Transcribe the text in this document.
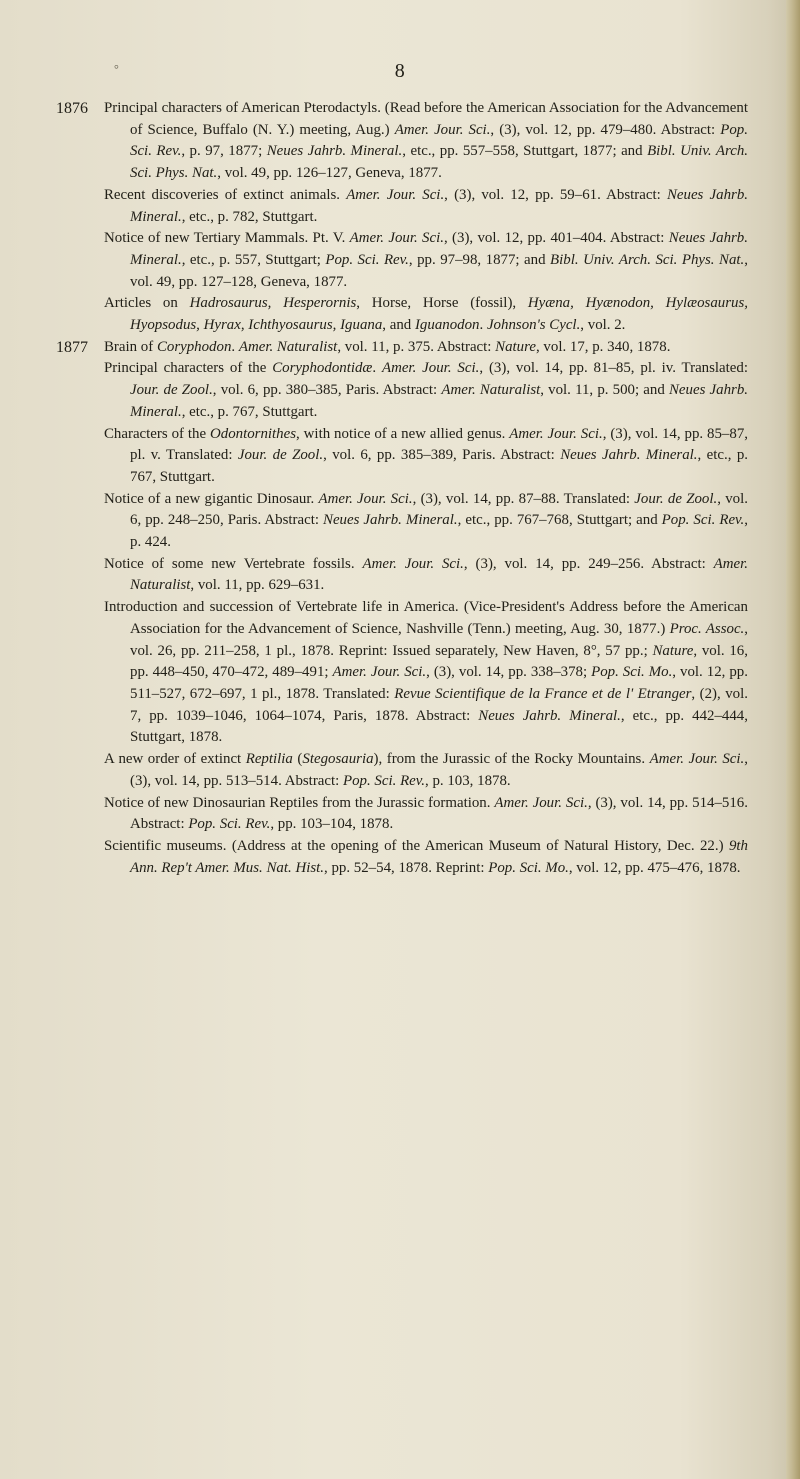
°	8
1876 Principal characters of American Pterodactyls. (Read before the American Association for the Advancement of Science, Buffalo (N. Y.) meeting, Aug.) Amer. Jour. Sci., (3), vol. 12, pp. 479–480. Abstract: Pop. Sci. Rev., p. 97, 1877; Neues Jahrb. Mineral., etc., pp. 557–558, Stuttgart, 1877; and Bibl. Univ. Arch. Sci. Phys. Nat., vol. 49, pp. 126–127, Geneva, 1877.

Recent discoveries of extinct animals. Amer. Jour. Sci., (3), vol. 12, pp. 59–61. Abstract: Neues Jahrb. Mineral., etc., p. 782, Stuttgart.

Notice of new Tertiary Mammals. Pt. V. Amer. Jour. Sci., (3), vol. 12, pp. 401–404. Abstract: Neues Jahrb. Mineral., etc., p. 557, Stuttgart; Pop. Sci. Rev., pp. 97–98, 1877; and Bibl. Univ. Arch. Sci. Phys. Nat., vol. 49, pp. 127–128, Geneva, 1877.

Articles on Hadrosaurus, Hesperornis, Horse, Horse (fossil), Hyæna, Hyænodon, Hylæosaurus, Hyopsodus, Hyrax, Ichthyosaurus, Iguana, and Iguanodon. Johnson's Cycl., vol. 2.

1877 Brain of Coryphodon. Amer. Naturalist, vol. 11, p. 375. Abstract: Nature, vol. 17, p. 340, 1878.

Principal characters of the Coryphodontidæ. Amer. Jour. Sci., (3), vol. 14, pp. 81–85, pl. iv. Translated: Jour. de Zool., vol. 6, pp. 380–385, Paris. Abstract: Amer. Naturalist, vol. 11, p. 500; and Neues Jahrb. Mineral., etc., p. 767, Stuttgart.

Characters of the Odontornithes, with notice of a new allied genus. Amer. Jour. Sci., (3), vol. 14, pp. 85–87, pl. v. Translated: Jour. de Zool., vol. 6, pp. 385–389, Paris. Abstract: Neues Jahrb. Mineral., etc., p. 767, Stuttgart.

Notice of a new gigantic Dinosaur. Amer. Jour. Sci., (3), vol. 14, pp. 87–88. Translated: Jour. de Zool., vol. 6, pp. 248–250, Paris. Abstract: Neues Jahrb. Mineral., etc., pp. 767–768, Stuttgart; and Pop. Sci. Rev., p. 424.

Notice of some new Vertebrate fossils. Amer. Jour. Sci., (3), vol. 14, pp. 249–256. Abstract: Amer. Naturalist, vol. 11, pp. 629–631.

Introduction and succession of Vertebrate life in America. (Vice-President's Address before the American Association for the Advancement of Science, Nashville (Tenn.) meeting, Aug. 30, 1877.) Proc. Assoc., vol. 26, pp. 211–258, 1 pl., 1878. Reprint: Issued separately, New Haven, 8°, 57 pp.; Nature, vol. 16, pp. 448–450, 470–472, 489–491; Amer. Jour. Sci., (3), vol. 14, pp. 338–378; Pop. Sci. Mo., vol. 12, pp. 511–527, 672–697, 1 pl., 1878. Translated: Revue Scientifique de la France et de l' Etranger, (2), vol. 7, pp. 1039–1046, 1064–1074, Paris, 1878. Abstract: Neues Jahrb. Mineral., etc., pp. 442–444, Stuttgart, 1878.

A new order of extinct Reptilia (Stegosauria), from the Jurassic of the Rocky Mountains. Amer. Jour. Sci., (3), vol. 14, pp. 513–514. Abstract: Pop. Sci. Rev., p. 103, 1878.

Notice of new Dinosaurian Reptiles from the Jurassic formation. Amer. Jour. Sci., (3), vol. 14, pp. 514–516. Abstract: Pop. Sci. Rev., pp. 103–104, 1878.

Scientific museums. (Address at the opening of the American Museum of Natural History, Dec. 22.) 9th Ann. Rep't Amer. Mus. Nat. Hist., pp. 52–54, 1878. Reprint: Pop. Sci. Mo., vol. 12, pp. 475–476, 1878.
